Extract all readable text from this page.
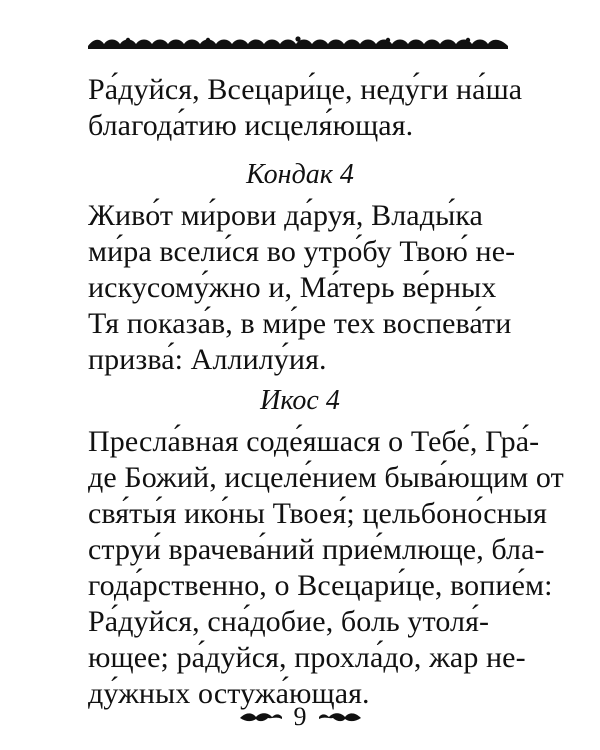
Ра́дуйся, Всецари́це, неду́ги на́ша
благода́тию исцеля́ющая.
Кондак 4
Живо́т ми́рови да́руя, Влады́ка
ми́ра всели́ся во утро́бу Твою́ не-
искусому́жно и, Ма́терь ве́рных
Тя показа́в, в ми́ре тех воспева́ти
призва́: Аллилу́ия.
Икос 4
Пресла́вная соде́яшася о Тебе́, Гра́-
де Божий, исцеле́нием быва́ющим от
свя́ты́я ико́ны Твоея́; цельбоно́сныя
струи́ врачева́ний прие́млюще, бла-
года́рственно, о Всецари́це, вопие́м:
Ра́дуйся, сна́добие, боль утоля́-
ющее; ра́дуйся, прохла́до, жар не-
ду́жных остужа́ющая.
9
